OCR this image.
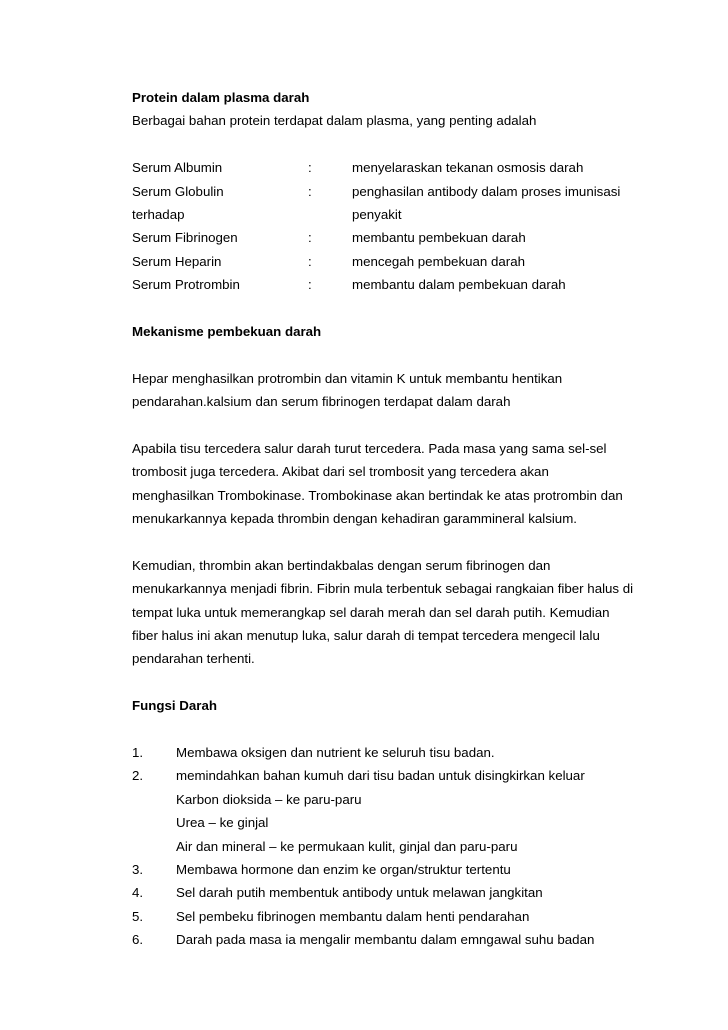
Protein dalam plasma darah
Berbagai bahan protein terdapat dalam plasma, yang penting adalah
Serum Albumin	:	menyelaraskan tekanan osmosis darah
Serum Globulin	:	penghasilan antibody dalam proses imunisasi
terhadap	penyakit
Serum Fibrinogen	:	membantu pembekuan darah
Serum Heparin	:	mencegah pembekuan darah
Serum Protrombin	:	membantu dalam pembekuan darah
Mekanisme pembekuan darah
Hepar menghasilkan protrombin dan vitamin K untuk membantu hentikan
pendarahan.kalsium dan serum fibrinogen terdapat dalam darah
Apabila tisu tercedera salur darah turut tercedera. Pada masa yang sama sel-sel
trombosit juga tercedera. Akibat dari sel trombosit yang tercedera akan
menghasilkan Trombokinase. Trombokinase akan bertindak ke atas protrombin dan
menukarkannya kepada thrombin dengan kehadiran garammineral kalsium.
Kemudian, thrombin akan bertindakbalas dengan serum fibrinogen dan
menukarkannya menjadi fibrin. Fibrin mula terbentuk sebagai rangkaian fiber halus di
tempat luka untuk memerangkap sel darah merah dan sel darah putih. Kemudian
fiber halus ini akan menutup luka, salur darah di tempat tercedera mengecil lalu
pendarahan terhenti.
Fungsi Darah
1. Membawa oksigen dan nutrient ke seluruh tisu badan.
2. memindahkan bahan kumuh dari tisu badan untuk disingkirkan keluar
Karbon dioksida – ke paru-paru
Urea – ke ginjal
Air dan mineral – ke permukaan kulit, ginjal dan paru-paru
3. Membawa hormone dan enzim ke organ/struktur tertentu
4. Sel darah putih membentuk antibody untuk melawan jangkitan
5. Sel pembeku fibrinogen membantu dalam henti pendarahan
6. Darah pada masa ia mengalir membantu dalam emngawal suhu badan
